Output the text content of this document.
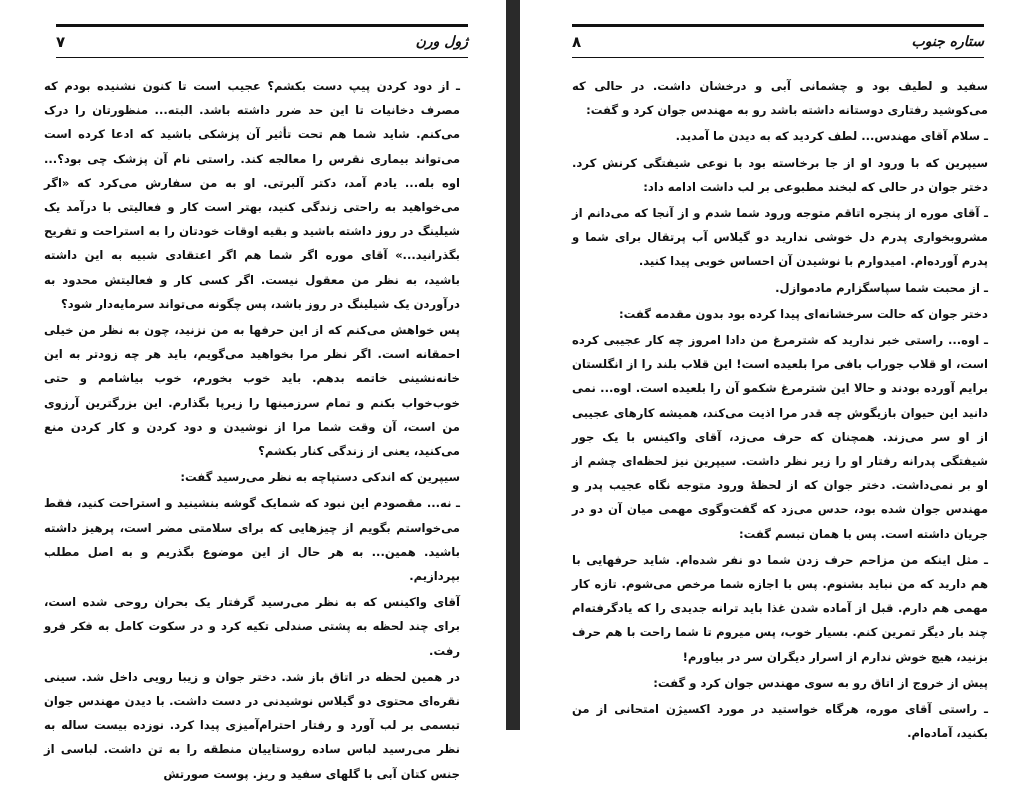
ژول ورن
۷

ـ از دود کردن پیپ دست بکشم؟ عجیب است تا کنون نشنیده بودم که مصرف دخانیات تا این حد ضرر داشته باشد. البته... منظورتان را درک می‌کنم. شاید شما هم تحت تأثیر آن پزشکی باشید که ادعا کرده است می‌تواند بیماری نقرس را معالجه کند. راستی نام آن پزشک چی بود؟... اوه بله... یادم آمد، دکتر آلبرتی. او به من سفارش می‌کرد که «اگر می‌خواهید به راحتی زندگی کنید، بهتر است کار و فعالیتی با درآمد یک شیلینگ در روز داشته باشید و بقیه اوقات خودتان را به استراحت و تفریح بگذرانید...» آقای موره اگر شما هم اگر اعتقادی شبیه به این داشته باشید، به نظر من معقول نیست. اگر کسی کار و فعالیتش محدود به درآوردن یک شیلینگ در روز باشد، پس چگونه می‌تواند سرمایه‌دار شود؟

پس خواهش می‌کنم که از این حرفها به من نزنید، چون به نظر من خیلی احمقانه است. اگر نظر مرا بخواهید می‌گویم، باید هر چه زودتر به این خانه‌نشینی خاتمه بدهم. باید خوب بخورم، خوب بیاشامم و حتی خوب‌خواب بکنم و تمام سرزمینها را زیرپا بگذارم. این بزرگترین آرزوی من است، آن وقت شما مرا از نوشیدن و دود کردن و کار کردن منع می‌کنید، یعنی از زندگی کنار بکشم؟

سیپرین که اندکی دستپاچه به نظر می‌رسید گفت:

ـ نه... مقصودم این نبود که شمایک گوشه بنشینید و استراحت کنید، فقط می‌خواستم بگویم از چیزهایی که برای سلامتی مضر است، پرهیز داشته باشید. همین... به هر حال از این موضوع بگذریم و به اصل مطلب بپردازیم.

آقای واکینس که به نظر می‌رسید گرفتار یک بحران روحی شده است، برای چند لحظه به پشتی صندلی تکیه کرد و در سکوت کامل به فکر فرو رفت.

در همین لحظه در اتاق باز شد. دختر جوان و زیبا رویی داخل شد. سینی نقره‌ای محتوی دو گیلاس نوشیدنی در دست داشت. با دیدن مهندس جوان تبسمی بر لب آورد و رفتار احترام‌آمیزی پیدا کرد. نوزده بیست ساله به نظر می‌رسید لباس ساده روستاییان منطقه را به تن داشت. لباسی از جنس کتان آبی با گلهای سفید و ریز. پوست صورتش

ستاره جنوب
۸

سفید و لطیف بود و چشمانی آبی و درخشان داشت. در حالی که می‌کوشید رفتاری دوستانه داشته باشد رو به مهندس جوان کرد و گفت:

ـ سلام آقای مهندس... لطف کردید که به دیدن ما آمدید.

سیپرین که با ورود او از جا برخاسته بود با نوعی شیفتگی کرنش کرد. دختر جوان در حالی که لبخند مطبوعی بر لب داشت ادامه داد:

ـ آقای موره از پنجره اتاقم متوجه ورود شما شدم و از آنجا که می‌دانم از مشروبخواری پدرم دل خوشی ندارید دو گیلاس آب پرتقال برای شما و پدرم آورده‌ام. امیدوارم با نوشیدن آن احساس خوبی پیدا کنید.

ـ از محبت شما سپاسگزارم مادموازل.

دختر جوان که حالت سرخشانه‌ای پیدا کرده بود بدون مقدمه گفت:

ـ اوه... راستی خبر ندارید که شترمرغ من دادا امروز چه کار عجیبی کرده است، او قلاب جوراب بافی مرا بلعیده است! این قلاب بلند را از انگلستان برایم آورده بودند و حالا این شترمرغ شکمو آن را بلعیده است. اوه... نمی دانید این حیوان بازیگوش چه قدر مرا اذیت می‌کند، همیشه کارهای عجیبی از او سر می‌زند. همچنان که حرف می‌زد، آقای واکینس با یک جور شیفتگی پدرانه رفتار او را زیر نظر داشت. سیپرین نیز لحظه‌ای چشم از او بر نمی‌داشت. دختر جوان که از لحظهٔ ورود متوجه نگاه عجیب پدر و مهندس جوان شده بود، حدس می‌زد که گفت‌وگوی مهمی میان آن دو در جریان داشته است. پس با همان تبسم گفت:

ـ مثل اینکه من مزاحم حرف زدن شما دو نفر شده‌ام. شاید حرفهایی با هم دارید که من نباید بشنوم. پس با اجازه شما مرخص می‌شوم. تازه کار مهمی هم دارم. قبل از آماده شدن غذا باید ترانه جدیدی را که یادگرفته‌ام چند بار دیگر تمرین کنم. بسیار خوب، پس میروم تا شما راحت با هم حرف بزنید، هیچ خوش ندارم از اسرار دیگران سر در بیاورم!

پیش از خروج از اتاق رو به سوی مهندس جوان کرد و گفت:

ـ راستی آقای موره، هرگاه خواستید در مورد اکسیژن امتحانی از من بکنید، آماده‌ام.
